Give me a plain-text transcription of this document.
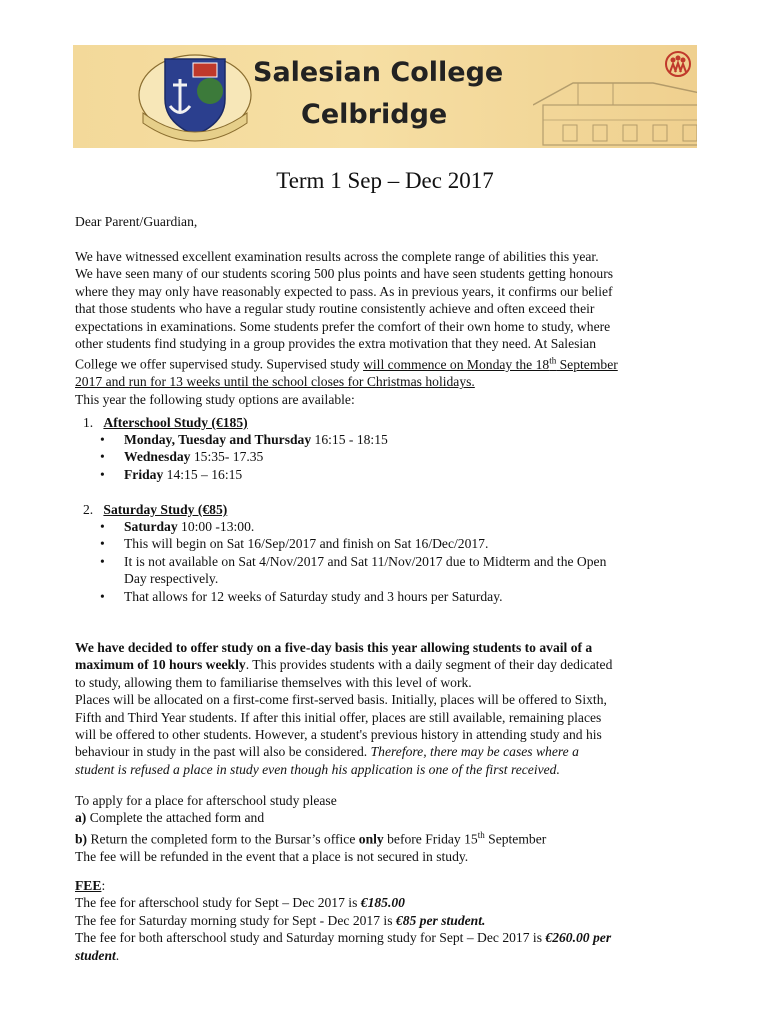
Salesian College
Celbridge
Term 1 Sep – Dec 2017
Dear Parent/Guardian,
We have witnessed excellent examination results across the complete range of abilities this year.
We have seen many of our students scoring 500 plus points and have seen students getting honours
where they may only have reasonably expected to pass. As in previous years, it confirms our belief
that those students who have a regular study routine consistently achieve and often exceed their
expectations in examinations. Some students prefer the comfort of their own home to study, where
other students find studying in a group provides the extra motivation that they need. At Salesian
College we offer supervised study. Supervised study will commence on Monday the 18th September
2017 and run for 13 weeks until the school closes for Christmas holidays.
This year the following study options are available:
1. Afterschool Study (€185)
• Monday, Tuesday and Thursday 16:15 - 18:15
• Wednesday 15:35- 17.35
• Friday 14:15 – 16:15
2. Saturday Study (€85)
• Saturday 10:00 -13:00.
• This will begin on Sat 16/Sep/2017 and finish on Sat 16/Dec/2017.
• It is not available on Sat 4/Nov/2017 and Sat 11/Nov/2017 due to Midterm and the Open
Day respectively.
• That allows for 12 weeks of Saturday study and 3 hours per Saturday.
We have decided to offer study on a five-day basis this year allowing students to avail of a
maximum of 10 hours weekly. This provides students with a daily segment of their day dedicated
to study, allowing them to familiarise themselves with this level of work.
Places will be allocated on a first-come first-served basis. Initially, places will be offered to Sixth,
Fifth and Third Year students. If after this initial offer, places are still available, remaining places
will be offered to other students. However, a student's previous history in attending study and his
behaviour in study in the past will also be considered. Therefore, there may be cases where a
student is refused a place in study even though his application is one of the first received.
To apply for a place for afterschool study please
a) Complete the attached form and
b) Return the completed form to the Bursar’s office only before Friday 15th September
The fee will be refunded in the event that a place is not secured in study.
FEE:
The fee for afterschool study for Sept – Dec 2017 is €185.00
The fee for Saturday morning study for Sept - Dec 2017 is €85 per student.
The fee for both afterschool study and Saturday morning study for Sept – Dec 2017 is €260.00 per
student.
